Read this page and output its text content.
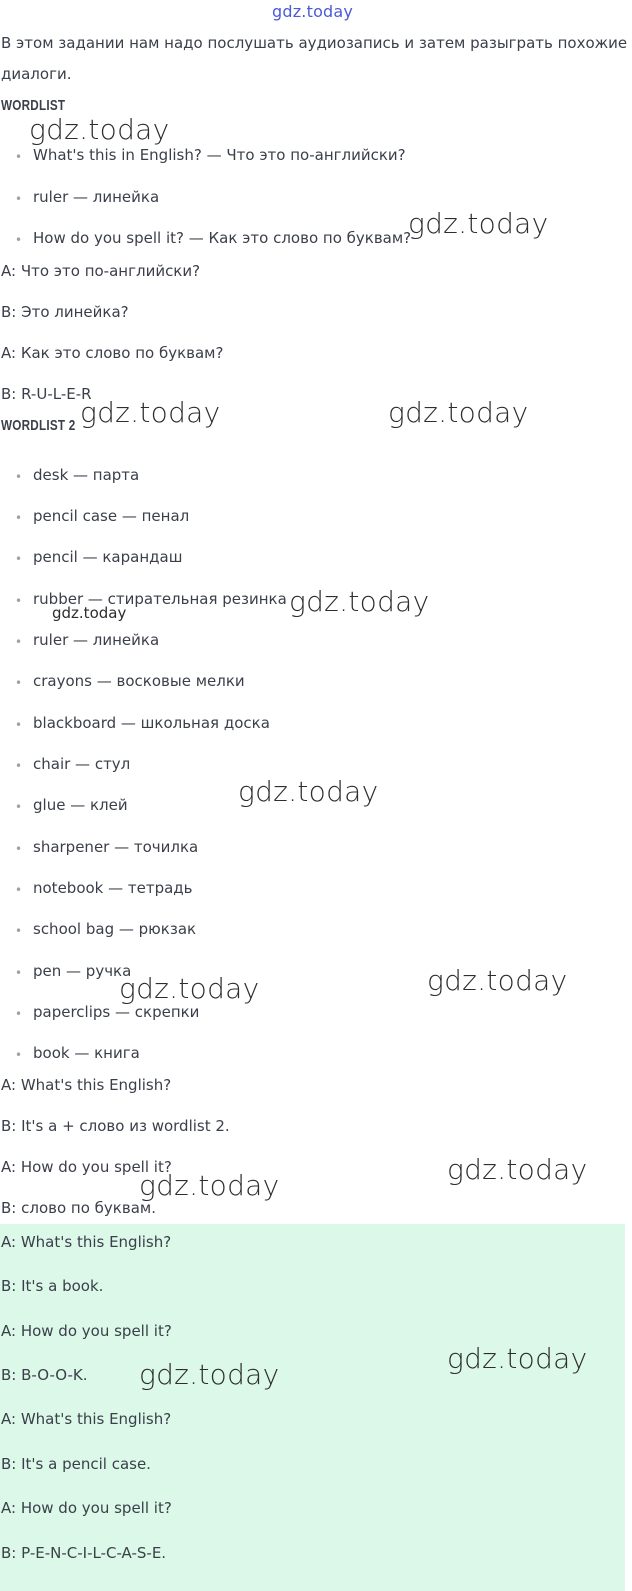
gdz.today
В этом задании нам надо послушать аудиозапись и затем разыграть похожие
диалоги.
WORDLIST
• What's this in English? — Что это по-английски?
• ruler — линейка
• How do you spell it? — Как это слово по буквам?
A: Что это по-английски?
B: Это линейка?
A: Как это слово по буквам?
B: R-U-L-E-R
WORDLIST 2
• desk — парта
• pencil case — пенал
• pencil — карандаш
• rubber — стирательная резинка
• ruler — линейка
• crayons — восковые мелки
• blackboard — школьная доска
• chair — стул
• glue — клей
• sharpener — точилка
• notebook — тетрадь
• school bag — рюкзак
• pen — ручка
• paperclips — скрепки
• book — книга
A: What's this English?
B: It's a + слово из wordlist 2.
A: How do you spell it?
B: слово по буквам.
A: What's this English?
B: It's a book.
A: How do you spell it?
B: B-O-O-K.
A: What's this English?
B: It's a pencil case.
A: How do you spell it?
B: P-E-N-C-I-L-C-A-S-E.
gdz.today
gdz.today
gdz.today	gdz.today
gdz.today
gdz.today
gdz.today
gdz.today
gdz.today
gdz.today
gdz.today
gdz.today
gdz.today
